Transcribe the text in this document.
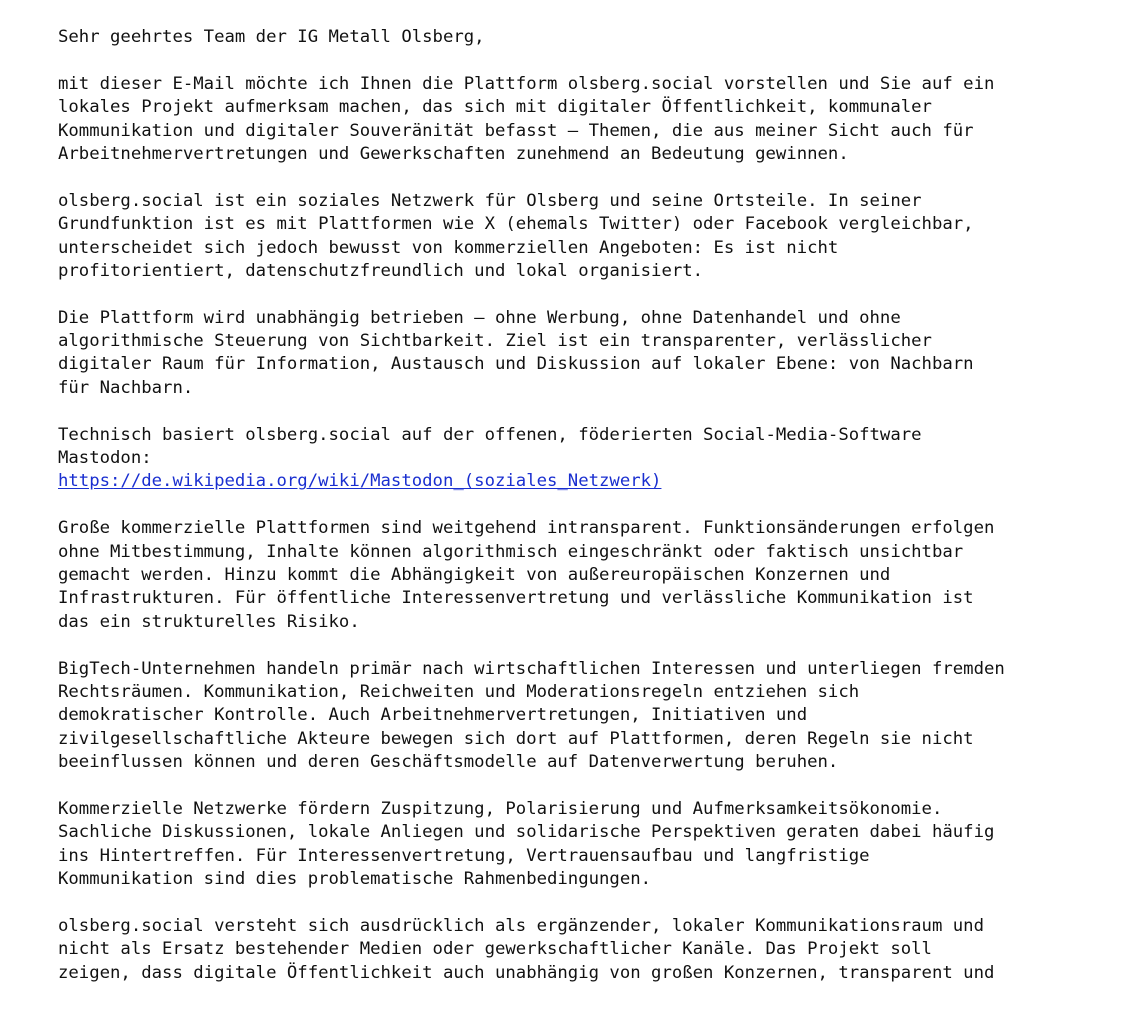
Sehr geehrtes Team der IG Metall Olsberg,
mit dieser E-Mail möchte ich Ihnen die Plattform olsberg.social vorstellen und Sie auf ein
lokales Projekt aufmerksam machen, das sich mit digitaler Öffentlichkeit, kommunaler
Kommunikation und digitaler Souveränität befasst – Themen, die aus meiner Sicht auch für
Arbeitnehmervertretungen und Gewerkschaften zunehmend an Bedeutung gewinnen.
olsberg.social ist ein soziales Netzwerk für Olsberg und seine Ortsteile. In seiner
Grundfunktion ist es mit Plattformen wie X (ehemals Twitter) oder Facebook vergleichbar,
unterscheidet sich jedoch bewusst von kommerziellen Angeboten: Es ist nicht
profitorientiert, datenschutzfreundlich und lokal organisiert.
Die Plattform wird unabhängig betrieben – ohne Werbung, ohne Datenhandel und ohne
algorithmische Steuerung von Sichtbarkeit. Ziel ist ein transparenter, verlässlicher
digitaler Raum für Information, Austausch und Diskussion auf lokaler Ebene: von Nachbarn
für Nachbarn.
Technisch basiert olsberg.social auf der offenen, föderierten Social-Media-Software
Mastodon:
https://de.wikipedia.org/wiki/Mastodon_(soziales_Netzwerk)
Große kommerzielle Plattformen sind weitgehend intransparent. Funktionsänderungen erfolgen
ohne Mitbestimmung, Inhalte können algorithmisch eingeschränkt oder faktisch unsichtbar
gemacht werden. Hinzu kommt die Abhängigkeit von außereuropäischen Konzernen und
Infrastrukturen. Für öffentliche Interessenvertretung und verlässliche Kommunikation ist
das ein strukturelles Risiko.
BigTech-Unternehmen handeln primär nach wirtschaftlichen Interessen und unterliegen fremden
Rechtsräumen. Kommunikation, Reichweiten und Moderationsregeln entziehen sich
demokratischer Kontrolle. Auch Arbeitnehmervertretungen, Initiativen und
zivilgesellschaftliche Akteure bewegen sich dort auf Plattformen, deren Regeln sie nicht
beeinflussen können und deren Geschäftsmodelle auf Datenverwertung beruhen.
Kommerzielle Netzwerke fördern Zuspitzung, Polarisierung und Aufmerksamkeitsökonomie.
Sachliche Diskussionen, lokale Anliegen und solidarische Perspektiven geraten dabei häufig
ins Hintertreffen. Für Interessenvertretung, Vertrauensaufbau und langfristige
Kommunikation sind dies problematische Rahmenbedingungen.
olsberg.social versteht sich ausdrücklich als ergänzender, lokaler Kommunikationsraum und
nicht als Ersatz bestehender Medien oder gewerkschaftlicher Kanäle. Das Projekt soll
zeigen, dass digitale Öffentlichkeit auch unabhängig von großen Konzernen, transparent und
